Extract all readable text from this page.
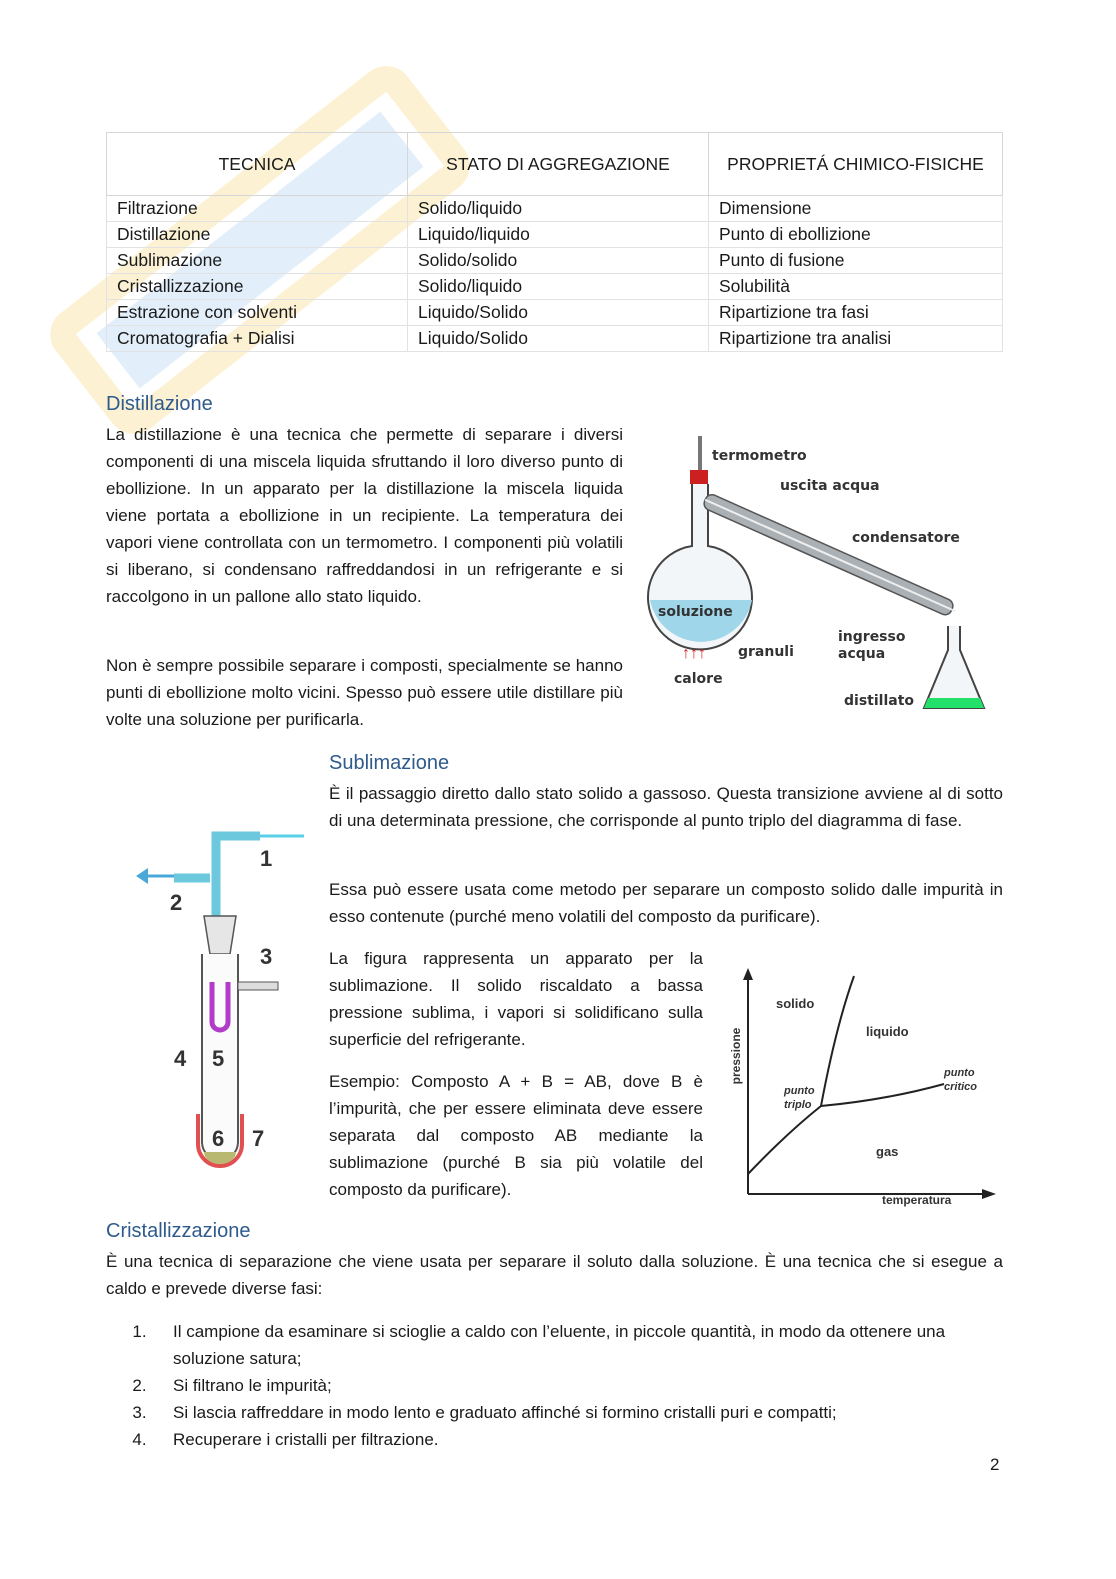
TECNICA	STATO DI AGGREGAZIONE	PROPRIETÁ CHIMICO-FISICHE
Filtrazione	Solido/liquido	Dimensione
Distillazione	Liquido/liquido	Punto di ebollizione
Sublimazione	Solido/solido	Punto di fusione
Cristallizzazione	Solido/liquido	Solubilità
Estrazione con solventi	Liquido/Solido	Ripartizione tra fasi
Cromatografia + Dialisi	Liquido/Solido	Ripartizione tra analisi
Distillazione
La distillazione è una tecnica che permette di separare i diversi componenti di una miscela liquida sfruttando il loro diverso punto di ebollizione. In un apparato per la distillazione la miscela liquida viene portata a ebollizione in un recipiente. La temperatura dei vapori viene controllata con un termometro. I componenti più volatili si liberano, si condensano raffreddandosi in un refrigerante e si raccolgono in un pallone allo stato liquido.
Non è sempre possibile separare i composti, specialmente se hanno punti di ebollizione molto vicini. Spesso può essere utile distillare più volte una soluzione per purificarla.
termometro
uscita acqua
condensatore
soluzione
↑↑↑ granuli
calore
ingresso
acqua
distillato
Sublimazione
È il passaggio diretto dallo stato solido a gassoso. Questa transizione avviene al di sotto di una determinata pressione, che corrisponde al punto triplo del diagramma di fase.
Essa può essere usata come metodo per separare un composto solido dalle impurità in esso contenute (purché meno volatili del composto da purificare).
La figura rappresenta un apparato per la sublimazione. Il solido riscaldato a bassa pressione sublima, i vapori si solidificano sulla superficie del refrigerante.
Esempio: Composto A + B = AB, dove B è l’impurità, che per essere eliminata deve essere separata dal composto AB mediante la sublimazione (purché B sia più volatile del composto da purificare).
1
2
3
4 5
6 7
pressione
temperatura
solido
liquido
gas
punto
triplo
punto
critico
Cristallizzazione
È una tecnica di separazione che viene usata per separare il soluto dalla soluzione. È una tecnica che si esegue a caldo e prevede diverse fasi:
1.	Il campione da esaminare si scioglie a caldo con l’eluente, in piccole quantità, in modo da ottenere una soluzione satura;
2.	Si filtrano le impurità;
3.	Si lascia raffreddare in modo lento e graduato affinché si formino cristalli puri e compatti;
4.	Recuperare i cristalli per filtrazione.
2
